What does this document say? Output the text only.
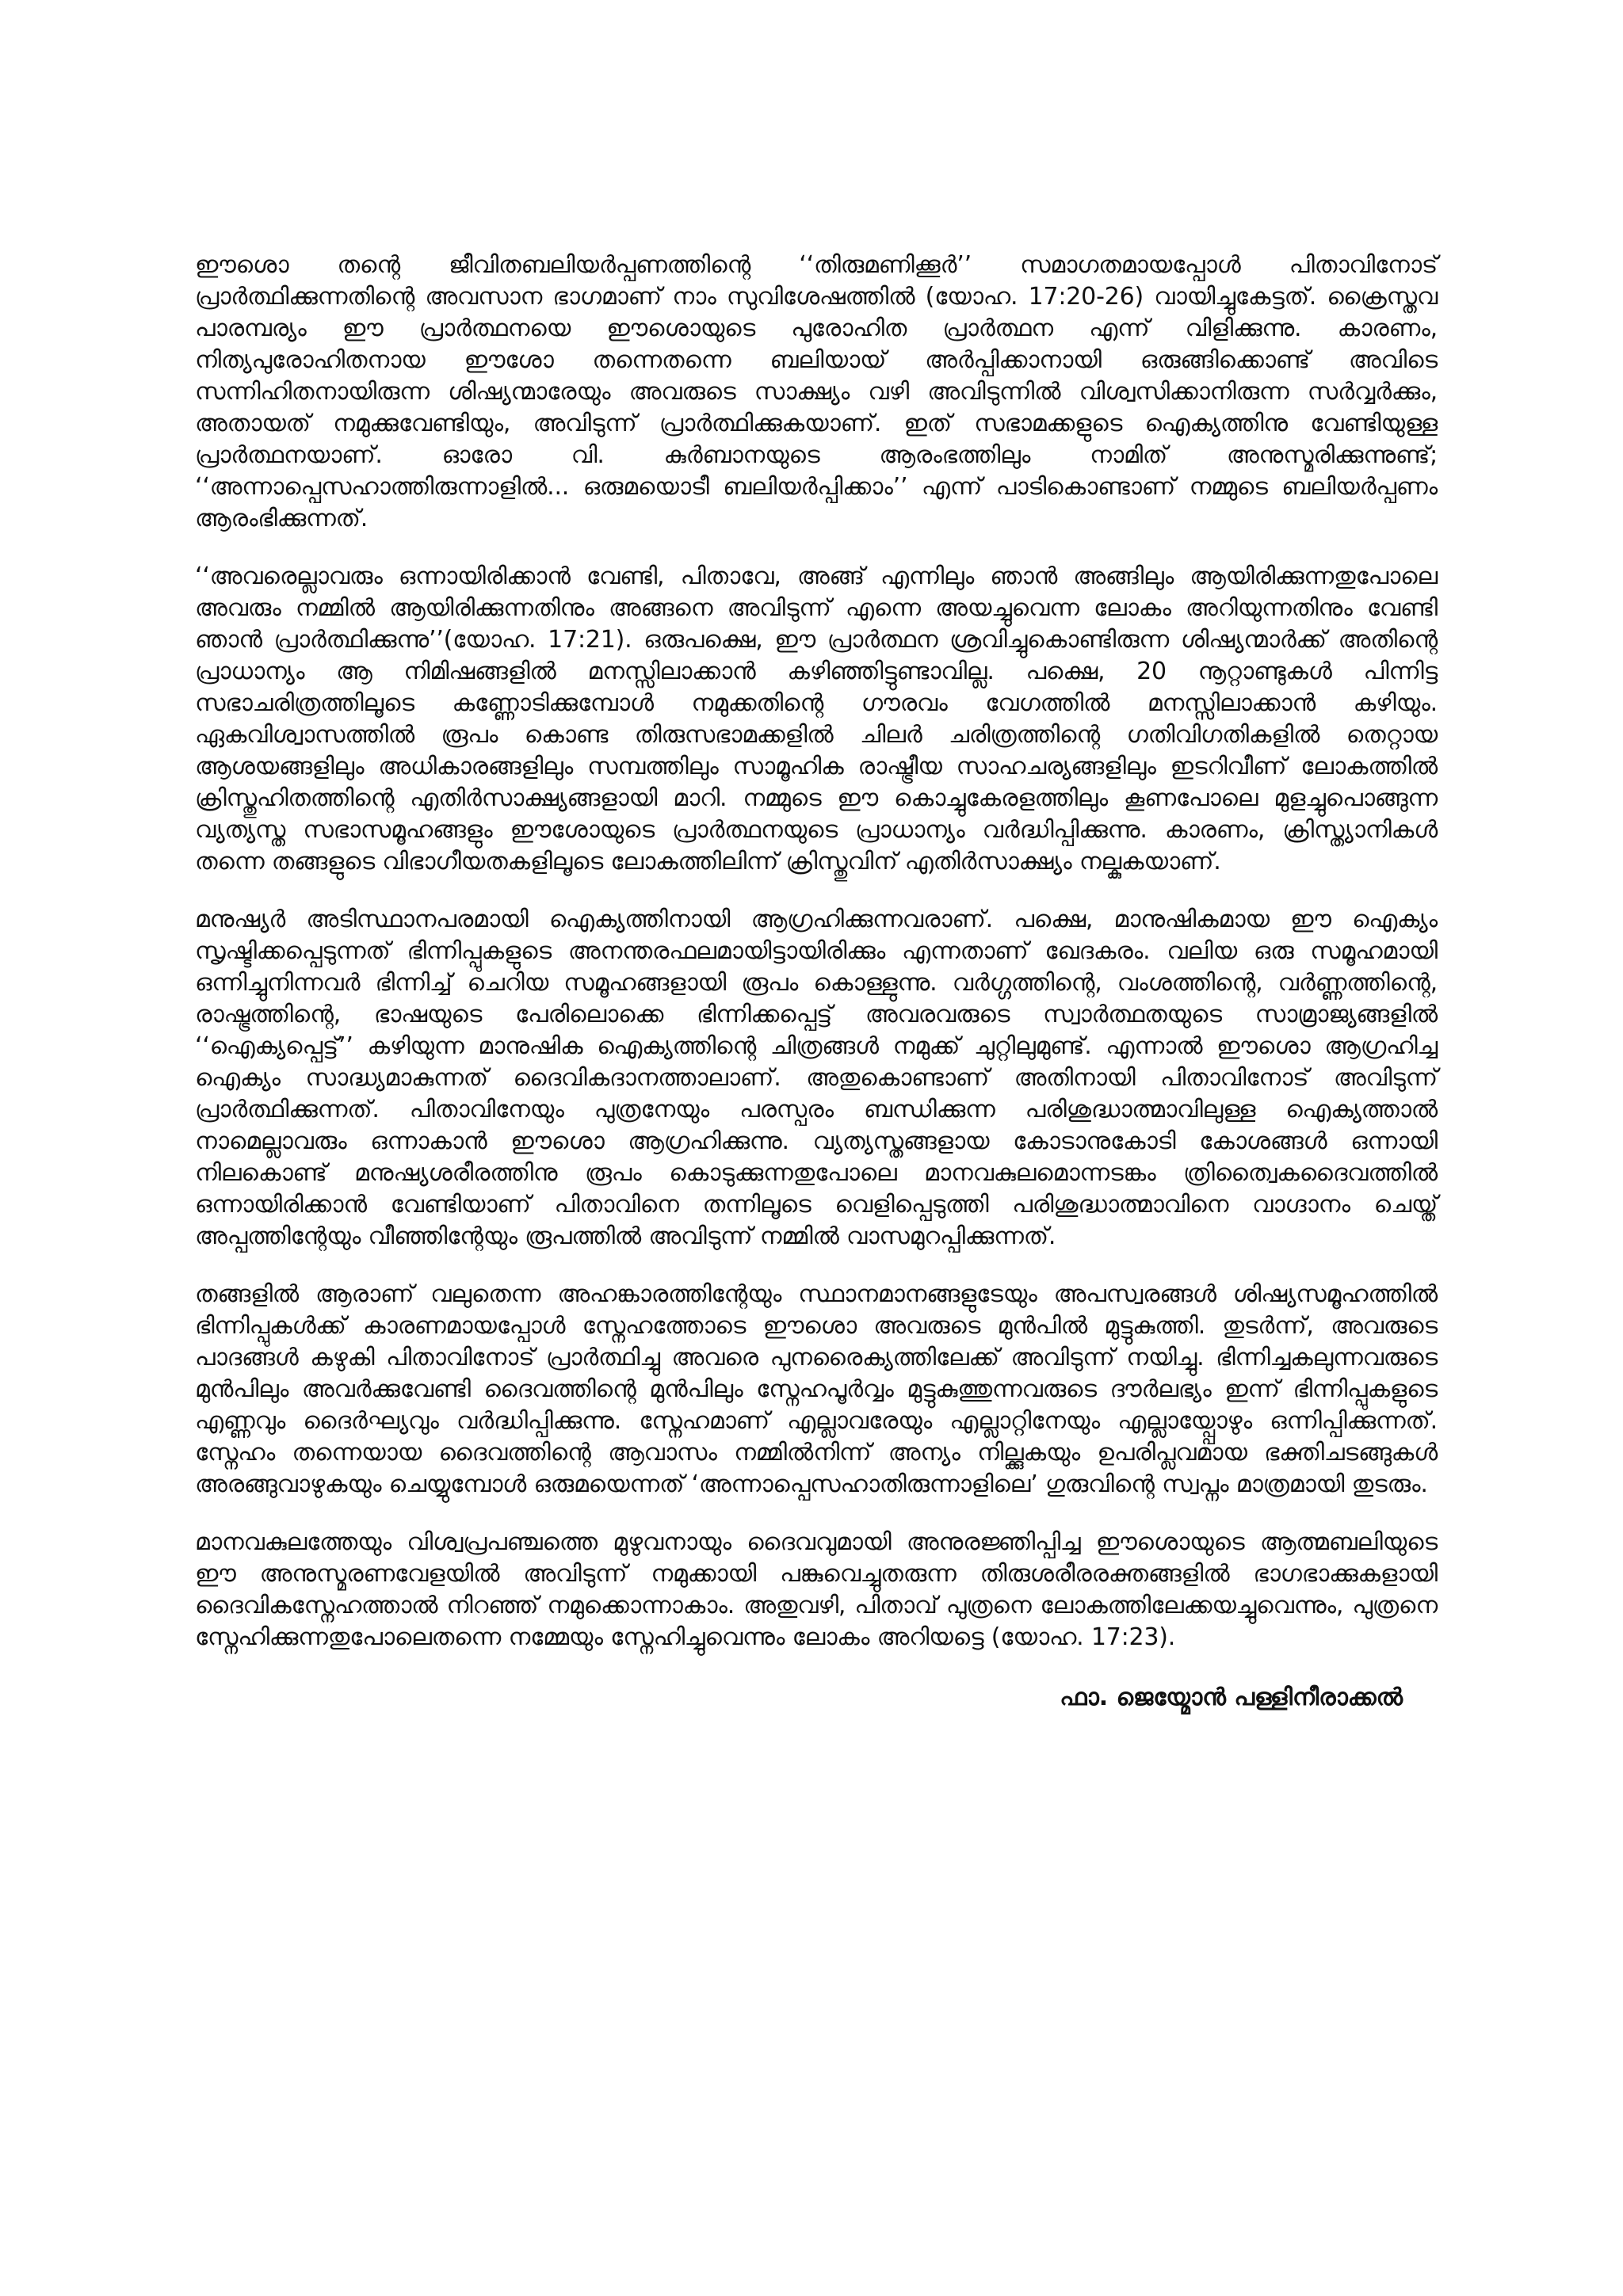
ഈശൊ തന്റെ ജീവിതബലിയർപ്പണത്തിന്റെ ‘‘തിരുമണിക്കൂർ’’ സമാഗതമായപ്പോൾ പിതാവിനോട് പ്രാർത്ഥിക്കുന്നതിന്റെ അവസാന ഭാഗമാണ് നാം സുവിശേഷത്തിൽ (യോഹ. 17:20-26) വായിച്ചുകേട്ടത്. ക്രൈസ്തവ പാരമ്പര്യം ഈ പ്രാർത്ഥനയെ ഈശൊയുടെ പുരോഹിത പ്രാർത്ഥന എന്ന് വിളിക്കുന്നു. കാരണം, നിത്യപുരോഹിതനായ ഈശോ തന്നെതന്നെ ബലിയായ് അർപ്പിക്കാനായി ഒരുങ്ങിക്കൊണ്ട് അവിടെ സന്നിഹിതനായിരുന്ന ശിഷ്യന്മാരേയും അവരുടെ സാക്ഷ്യം വഴി അവിടുന്നിൽ വിശ്വസിക്കാനിരുന്ന സർവ്വർക്കും, അതായത് നമുക്കുവേണ്ടിയും, അവിടുന്ന് പ്രാർത്ഥിക്കുകയാണ്. ഇത് സഭാമക്കളുടെ ഐക്യത്തിനു വേണ്ടിയുള്ള പ്രാർത്ഥനയാണ്. ഓരോ വി. കുർബാനയുടെ ആരംഭത്തിലും നാമിത് അനുസ്മരിക്കുന്നുണ്ട്; ‘‘അന്നാപ്പെസഹാത്തിരുന്നാളിൽ... ഒരുമയൊടീ ബലിയർപ്പിക്കാം’’ എന്ന് പാടികൊണ്ടാണ് നമ്മുടെ ബലിയർപ്പണം ആരംഭിക്കുന്നത്.

‘‘അവരെല്ലാവരും ഒന്നായിരിക്കാൻ വേണ്ടി, പിതാവേ, അങ്ങ് എന്നിലും ഞാൻ അങ്ങിലും ആയിരിക്കുന്നതുപോലെ അവരും നമ്മിൽ ആയിരിക്കുന്നതിനും അങ്ങനെ അവിടുന്ന് എന്നെ അയച്ചുവെന്ന ലോകം അറിയുന്നതിനും വേണ്ടി ഞാൻ പ്രാർത്ഥിക്കുന്നു’’(യോഹ. 17:21). ഒരുപക്ഷെ, ഈ പ്രാർത്ഥന ശ്രവിച്ചുകൊണ്ടിരുന്ന ശിഷ്യന്മാർക്ക് അതിന്റെ പ്രാധാന്യം ആ നിമിഷങ്ങളിൽ മനസ്സിലാക്കാൻ കഴിഞ്ഞിട്ടുണ്ടാവില്ല. പക്ഷെ, 20 നൂറ്റാണ്ടുകൾ പിന്നിട്ട സഭാചരിത്രത്തിലൂടെ കണ്ണോടിക്കുമ്പോൾ നമുക്കതിന്റെ ഗൗരവം വേഗത്തിൽ മനസ്സിലാക്കാൻ കഴിയും. ഏകവിശ്വാസത്തിൽ രൂപം കൊണ്ട തിരുസഭാമക്കളിൽ ചിലർ ചരിത്രത്തിന്റെ ഗതിവിഗതികളിൽ തെറ്റായ ആശയങ്ങളിലും അധികാരങ്ങളിലും സമ്പത്തിലും സാമൂഹിക രാഷ്ട്രീയ സാഹചര്യങ്ങളിലും ഇടറിവീണ് ലോകത്തിൽ ക്രിസ്തുഹിതത്തിന്റെ എതിർസാക്ഷ്യങ്ങളായി മാറി. നമ്മുടെ ഈ കൊച്ചുകേരളത്തിലും കൂണപോലെ മുളച്ചുപൊങ്ങുന്ന വ്യത്യസ്ത സഭാസമൂഹങ്ങളും ഈശോയുടെ പ്രാർത്ഥനയുടെ പ്രാധാന്യം വർദ്ധിപ്പിക്കുന്നു. കാരണം, ക്രിസ്ത്യാനികൾ തന്നെ തങ്ങളുടെ വിഭാഗീയതകളിലൂടെ ലോകത്തിലിന്ന് ക്രിസ്തുവിന് എതിർസാക്ഷ്യം നല്കുകയാണ്.

മനുഷ്യർ അടിസ്ഥാനപരമായി ഐക്യത്തിനായി ആഗ്രഹിക്കുന്നവരാണ്. പക്ഷെ, മാനുഷികമായ ഈ ഐക്യം സൃഷ്ടിക്കപ്പെടുന്നത് ഭിന്നിപ്പുകളുടെ അനന്തരഫലമായിട്ടായിരിക്കും എന്നതാണ് ഖേദകരം. വലിയ ഒരു സമൂഹമായി ഒന്നിച്ചുനിന്നവർ ഭിന്നിച്ച് ചെറിയ സമൂഹങ്ങളായി രൂപം കൊള്ളുന്നു. വർഗ്ഗത്തിന്റെ, വംശത്തിന്റെ, വർണ്ണത്തിന്റെ, രാഷ്ട്രത്തിന്റെ, ഭാഷയുടെ പേരിലൊക്കെ ഭിന്നിക്കപ്പെട്ട് അവരവരുടെ സ്വാർത്ഥതയുടെ സാമ്രാജ്യങ്ങളിൽ ‘‘ഐക്യപ്പെട്ട്’’ കഴിയുന്ന മാനുഷിക ഐക്യത്തിന്റെ ചിത്രങ്ങൾ നമുക്ക് ചുറ്റിലുമുണ്ട്. എന്നാൽ ഈശൊ ആഗ്രഹിച്ച ഐക്യം സാദ്ധ്യമാകുന്നത് ദൈവികദാനത്താലാണ്. അതുകൊണ്ടാണ് അതിനായി പിതാവിനോട് അവിടുന്ന് പ്രാർത്ഥിക്കുന്നത്. പിതാവിനേയും പുത്രനേയും പരസ്പരം ബന്ധിക്കുന്ന പരിശുദ്ധാത്മാവിലുള്ള ഐക്യത്താൽ നാമെല്ലാവരും ഒന്നാകാൻ ഈശൊ ആഗ്രഹിക്കുന്നു. വ്യത്യസ്തങ്ങളായ കോടാനുകോടി കോശങ്ങൾ ഒന്നായി നിലകൊണ്ട് മനുഷ്യശരീരത്തിനു രൂപം കൊടുക്കുന്നതുപോലെ മാനവകുലമൊന്നടങ്കം ത്രിത്വൈകദൈവത്തിൽ ഒന്നായിരിക്കാൻ വേണ്ടിയാണ് പിതാവിനെ തന്നിലൂടെ വെളിപ്പെടുത്തി പരിശുദ്ധാത്മാവിനെ വാഗ്ദാനം ചെയ്ത് അപ്പത്തിന്റേയും വീഞ്ഞിന്റേയും രൂപത്തിൽ അവിടുന്ന് നമ്മിൽ വാസമുറപ്പിക്കുന്നത്.

തങ്ങളിൽ ആരാണ് വലുതെന്ന അഹങ്കാരത്തിന്റേയും സ്ഥാനമാനങ്ങളുടേയും അപസ്വരങ്ങൾ ശിഷ്യസമൂഹത്തിൽ ഭിന്നിപ്പുകൾക്ക് കാരണമായപ്പോൾ സ്നേഹത്തോടെ ഈശൊ അവരുടെ മുൻപിൽ മുട്ടുകുത്തി. തുടർന്ന്, അവരുടെ പാദങ്ങൾ കഴുകി പിതാവിനോട് പ്രാർത്ഥിച്ചു അവരെ പുനരൈക്യത്തിലേക്ക് അവിടുന്ന് നയിച്ചു. ഭിന്നിച്ചകലുന്നവരുടെ മുൻപിലും അവർക്കുവേണ്ടി ദൈവത്തിന്റെ മുൻപിലും സ്നേഹപൂർവ്വം മുട്ടുകുത്തുന്നവരുടെ ദൗർലഭ്യം ഇന്ന് ഭിന്നിപ്പുകളുടെ എണ്ണവും ദൈർഘ്യവും വർദ്ധിപ്പിക്കുന്നു. സ്നേഹമാണ് എല്ലാവരേയും എല്ലാറ്റിനേയും എല്ലായ്പ്പോഴും ഒന്നിപ്പിക്കുന്നത്. സ്നേഹം തന്നെയായ ദൈവത്തിന്റെ ആവാസം നമ്മിൽനിന്ന് അന്യം നില്ക്കുകയും ഉപരിപ്ലവമായ ഭക്തിചടങ്ങുകൾ അരങ്ങുവാഴുകയും ചെയ്യുമ്പോൾ ഒരുമയെന്നത് ‘അന്നാപ്പെസഹാതിരുന്നാളിലെ’ ഗുരുവിന്റെ സ്വപ്നം മാത്രമായി തുടരും.

മാനവകുലത്തേയും വിശ്വപ്രപഞ്ചത്തെ മുഴുവനായും ദൈവവുമായി അനുരജ്ഞിപ്പിച്ച ഈശൊയുടെ ആത്മബലിയുടെ ഈ അനുസ്മരണവേളയിൽ അവിടുന്ന് നമുക്കായി പങ്കുവെച്ചുതരുന്ന തിരുശരീരരക്തങ്ങളിൽ ഭാഗഭാക്കുകളായി ദൈവികസ്നേഹത്താൽ നിറഞ്ഞ് നമുക്കൊന്നാകാം. അതുവഴി, പിതാവ് പുത്രനെ ലോകത്തിലേക്കയച്ചുവെന്നും, പുത്രനെ സ്നേഹിക്കുന്നതുപോലെതന്നെ നമ്മേയും സ്നേഹിച്ചുവെന്നും ലോകം അറിയട്ടെ (യോഹ. 17:23).

ഫാ. ജെയ്മോൻ പള്ളിനീരാക്കൽ
